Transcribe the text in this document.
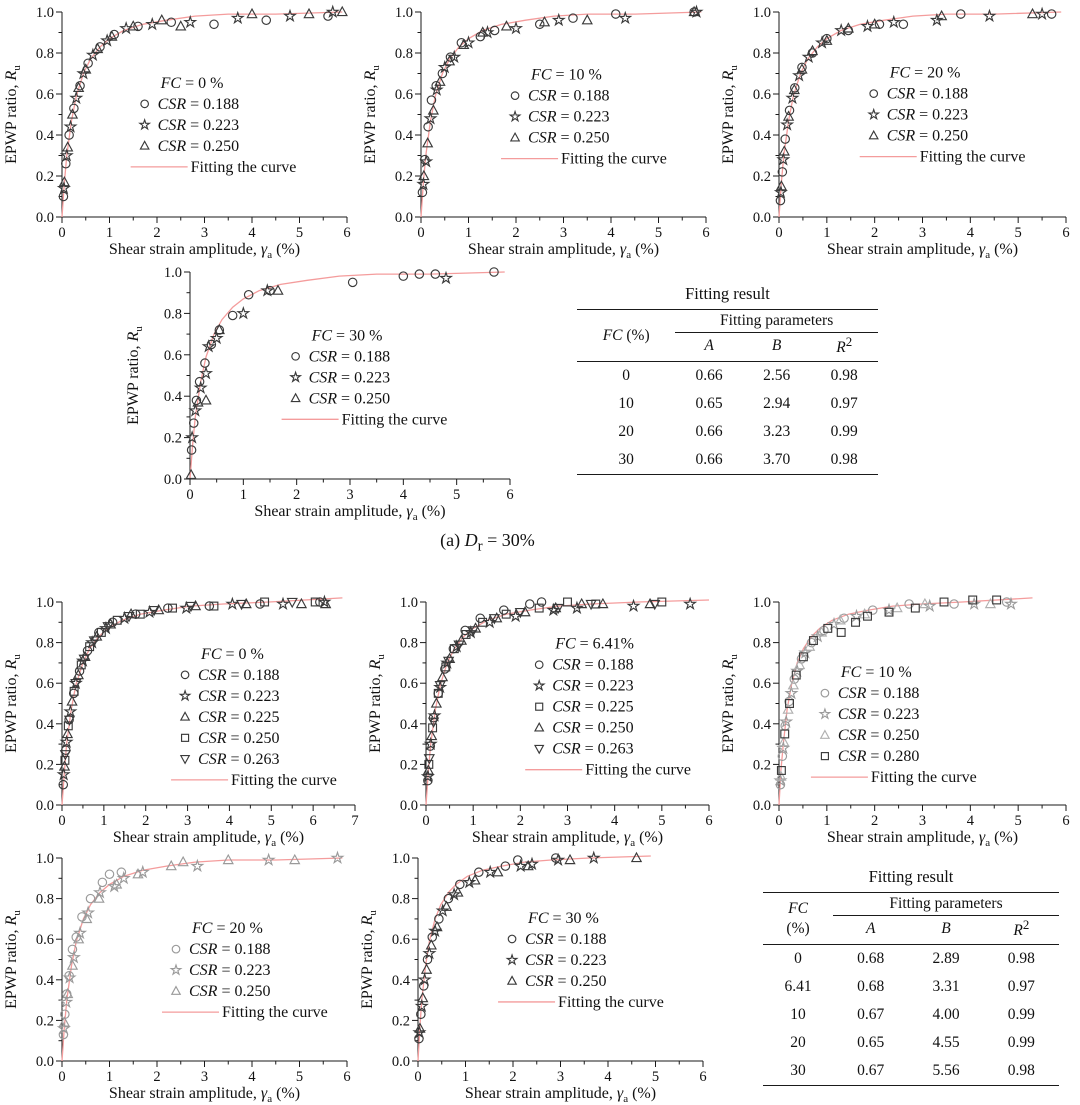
(a) $D_r = 30\%$
0	1	2	3	4	5	6
0.0
0.2
0.4
0.6
0.8
1.0
Shear strain amplitude, $\gamma_a$ (%)
EPWP ratio, $R_u$
FC = 0 %
CSR = 0.188
CSR = 0.223
CSR = 0.250
Fitting the curve
0	1	2	3	4	5	6
0.0
0.2
0.4
0.6
0.8
1.0
Shear strain amplitude, $\gamma_a$ (%)
EPWP ratio, $R_u$	FC = 10 %
CSR = 0.188
CSR = 0.223
CSR = 0.250
Fitting the curve
0	1	2	3	4	5	6
0.0
0.2
0.4
0.6
0.8
1.0
Shear strain amplitude, $\gamma_a$ (%)
EPWP ratio, $R_u$	FC = 20 %
CSR = 0.188
CSR = 0.223
CSR = 0.250
Fitting the curve
0	1	2	3	4	5	6
0.0
0.2
0.4
0.6
0.8
1.0
Shear strain amplitude, $\gamma_a$ (%)
EPWP ratio, $R_u$	FC = 30 %
CSR = 0.188
CSR = 0.223
CSR = 0.250
Fitting the curve
0 1 2 3 4 5 6 7
0.0
0.2
0.4
0.6
0.8
1.0
Shear strain amplitude, $\gamma_a$ (%)
EPWP ratio, $R_u$	FC = 0 %
CSR = 0.188
CSR = 0.223
CSR = 0.225
CSR = 0.250
CSR = 0.263
Fitting the curve
0	1	2	3	4	5	6
0.0
0.2
0.4
0.6
0.8
1.0
Shear strain amplitude, $\gamma_a$ (%)
EPWP ratio, $R_u$
FC = 6.41%
CSR = 0.188
CSR = 0.223
CSR = 0.225
CSR = 0.250
CSR = 0.263
Fitting the curve
0	1	2	3	4	5	6
0.0
0.2
0.4
0.6
0.8
1.0
Shear strain amplitude, $\gamma_a$ (%)
EPWP ratio, $R_u$
FC = 10 %
CSR = 0.188
CSR = 0.223
CSR = 0.250
CSR = 0.280
Fitting the curve
0	1	2	3	4	5	6
0.0
0.2
0.4
0.6
0.8
1.0
Shear strain amplitude, $\gamma_a$ (%)
EPWP ratio, $R_u$
FC = 20 %
CSR = 0.188
CSR = 0.223
CSR = 0.250
Fitting the curve
0	1	2	3	4	5	6
0.0
0.2
0.4
0.6
0.8
1.0
Shear strain amplitude, $\gamma_a$ (%)
EPWP ratio, $R_u$	FC = 30 %
CSR = 0.188
CSR = 0.223
CSR = 0.250
Fitting the curve
Fitting result			
FC (%)	Fitting parameters		
	A	B	$R^2$
0	0.66	2.56	0.98
10	0.65	2.94	0.97
20	0.66	3.23	0.99
30	0.66	3.70	0.98
Fitting result			
FC
(%)	Fitting parameters		
	A	B	$R^2$
0	0.68	2.89	0.98
6.41	0.68	3.31	0.97
10	0.67	4.00	0.99
20	0.65	4.55	0.99
30	0.67	5.56	0.98
